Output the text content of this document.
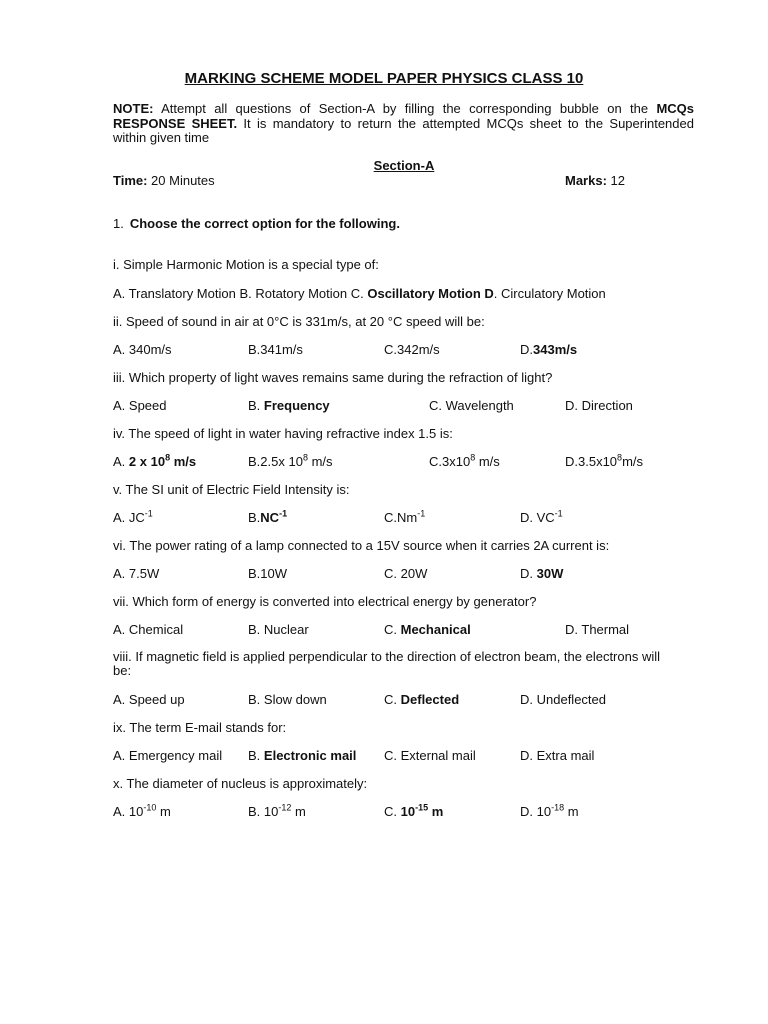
MARKING SCHEME MODEL PAPER PHYSICS CLASS 10
NOTE: Attempt all questions of Section-A by filling the corresponding bubble on the MCQs RESPONSE SHEET. It is mandatory to return the attempted MCQs sheet to the Superintended within given time
Section-A
Time: 20 Minutes	Marks: 12
1. Choose the correct option for the following.
i. Simple Harmonic Motion is a special type of:
A. Translatory Motion B. Rotatory Motion C. Oscillatory Motion D. Circulatory Motion
ii. Speed of sound in air at 0°C is 331m/s, at 20 °C speed will be:
A. 340m/s	B.341m/s	C.342m/s	D.343m/s
iii. Which property of light waves remains same during the refraction of light?
A. Speed	B. Frequency	C. Wavelength	D. Direction
iv. The speed of light in water having refractive index 1.5 is:
A. 2 x $10^8$ m/s	B.2.5x $10^8$ m/s	$C.3x10^8$ m/s	$D.3.5x10^8m/s$
v. The SI unit of Electric Field Intensity is:
A. $JC^{-1}$	$B.NC^{-1}$	$C.Nm^{-1}$	D. $VC^{-1}$
vi. The power rating of a lamp connected to a 15V source when it carries 2A current is:
A. 7.5W	B.10W	C. 20W	D. 30W
vii. Which form of energy is converted into electrical energy by generator?
A. Chemical	B. Nuclear	C. Mechanical	D. Thermal
viii. If magnetic field is applied perpendicular to the direction of electron beam, the electrons will be:
A. Speed up	B. Slow down	C. Deflected	D. Undeflected
ix. The term E-mail stands for:
A. Emergency mail B. Electronic mail C. External mail	D. Extra mail
x. The diameter of nucleus is approximately:
A. $10^{-10}$ m	B. $10^{-12}$ m	C. $10^{-15}$ m	D. $10^{-18}$ m
